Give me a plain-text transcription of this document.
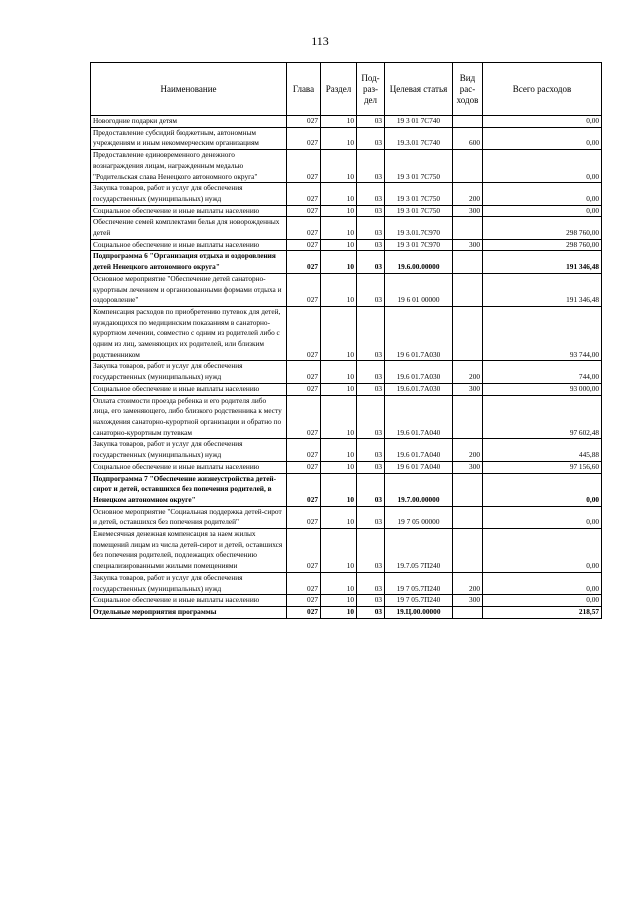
113
Наименование	Глава	Раздел	Под-раз-дел	Целевая статья	Вид рас-ходов	Всего расходов
Новогодние подарки детям	027	10	03	19 3 01 7С740		0,00
Предоставление субсидий бюджетным, автономным учреждениям и иным некоммерческим организациям	027	10	03	19.3.01 7С740	600	0,00
Предоставление единовременного денежного вознаграждения лицам, награжденным медалью "Родительская слава Ненецкого автономного округа"	027	10	03	19 3 01 7С750		0,00
Закупка товаров, работ и услуг для обеспечения государственных (муниципальных) нужд	027	10	03	19 3 01 7С750	200	0,00
Социальное обеспечение и иные выплаты населению	027	10	03	19 3 01 7С750	300	0,00
Обеспечение семей комплектами белья для новорожденных детей	027	10	03	19 3.01.7С970		298 760,00
Социальное обеспечение и иные выплаты населению	027	10	03	19 3 01 7С970	300	298 760,00
Подпрограмма 6 "Организация отдыха и оздоровления детей Ненецкого автономного округа"	027	10	03	19.6.00.00000		191 346,48
Основное мероприятие "Обеспечение детей санаторно-курортным лечением и организованными формами отдыха и оздоровление"	027	10	03	19 6 01 00000		191 346,48
Компенсация расходов по приобретению путевок для детей, нуждающихся по медицинским показаниям в санаторно-курортном лечении, совместно с одним из родителей либо с одним из лиц, заменяющих их родителей, или близким родственником	027	10	03	19 6 01.7А030		93 744,00
Закупка товаров, работ и услуг для обеспечения государственных (муниципальных) нужд	027	10	03	19.6 01.7А030	200	744,00
Социальное обеспечение и иные выплаты населению	027	10	03	19.6.01.7А030	300	93 000,00
Оплата стоимости проезда ребенка и его родителя либо лица, его заменяющего, либо близкого родственника к месту нахождения санаторно-курортной организации и обратно по санаторно-курортным путевкам	027	10	03	19.6 01.7А040		97 602,48
Закупка товаров, работ и услуг для обеспечения государственных (муниципальных) нужд	027	10	03	19.6 01.7А040	200	445,88
Социальное обеспечение и иные выплаты населению	027	10	03	19 6 01 7А040	300	97 156,60
Подпрограмма 7 "Обеспечение жизнеустройства детей-сирот и детей, оставшихся без попечения родителей, в Ненецком автономном округе"	027	10	03	19.7.00.00000		0,00
Основное мероприятие "Социальная поддержка детей-сирот и детей, оставшихся без попечения родителей"	027	10	03	19 7 05 00000		0,00
Ежемесячная денежная компенсация за наем жилых помещений лицам из числа детей-сирот и детей, оставшихся без попечения родителей, подлежащих обеспечению специализированными жилыми помещениями	027	10	03	19.7.05 7П240		0,00
Закупка товаров, работ и услуг для обеспечения государственных (муниципальных) нужд	027	10	03	19 7 05.7П240	200	0,00
Социальное обеспечение и иные выплаты населению	027	10	03	19 7 05.7П240	300	0,00
Отдельные мероприятия программы	027	10	03	19.Ц.00.00000		218,57
